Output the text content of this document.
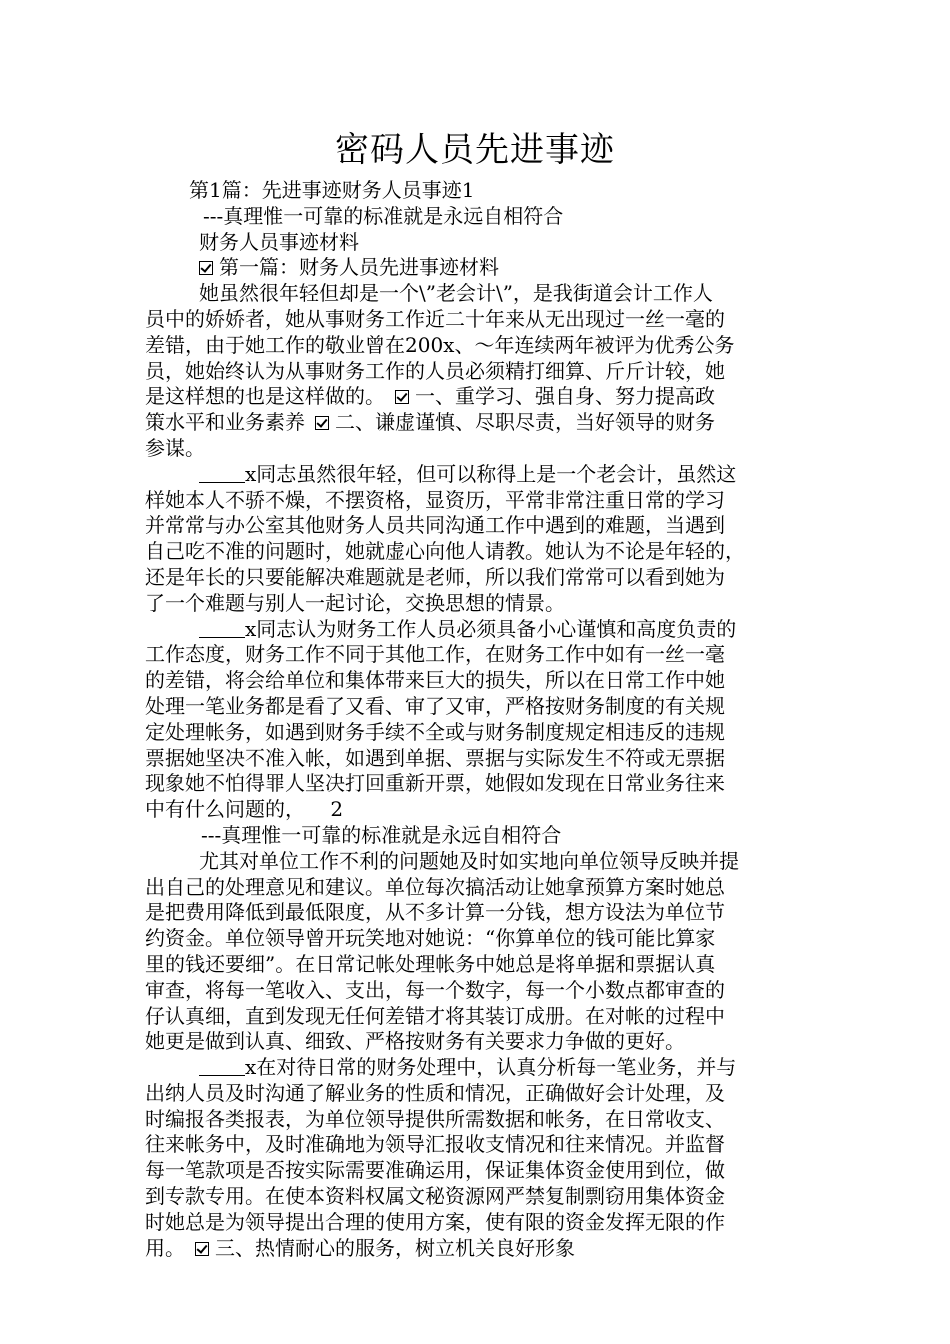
密码人员先进事迹
第1篇：先进事迹财务人员事迹1
---真理惟一可靠的标准就是永远自相符合
财务人员事迹材料
第一篇：财务人员先进事迹材料
她虽然很年轻但却是一个\”老会计\”，是我街道会计工作人
员中的娇娇者，她从事财务工作近二十年来从无出现过一丝一毫的
差错，由于她工作的敬业曾在200x、～年连续两年被评为优秀公务
员，她始终认为从事财务工作的人员必须精打细算、斤斤计较，她
是这样想的也是这样做的。 一、重学习、强自身、努力提高政
策水平和业务素养 二、谦虚谨慎、尽职尽责，当好领导的财务
参谋。
x同志虽然很年轻，但可以称得上是一个老会计，虽然这
样她本人不骄不燥，不摆资格，显资历，平常非常注重日常的学习
并常常与办公室其他财务人员共同沟通工作中遇到的难题，当遇到
自己吃不准的问题时，她就虚心向他人请教。她认为不论是年轻的，
还是年长的只要能解决难题就是老师，所以我们常常可以看到她为
了一个难题与别人一起讨论，交换思想的情景。
x同志认为财务工作人员必须具备小心谨慎和高度负责的
工作态度，财务工作不同于其他工作，在财务工作中如有一丝一毫
的差错，将会给单位和集体带来巨大的损失，所以在日常工作中她
处理一笔业务都是看了又看、审了又审，严格按财务制度的有关规
定处理帐务，如遇到财务手续不全或与财务制度规定相违反的违规
票据她坚决不准入帐，如遇到单据、票据与实际发生不符或无票据
现象她不怕得罪人坚决打回重新开票，她假如发现在日常业务往来
中有什么问题的，    2
---真理惟一可靠的标准就是永远自相符合
尤其对单位工作不利的问题她及时如实地向单位领导反映并提
出自己的处理意见和建议。单位每次搞活动让她拿预算方案时她总
是把费用降低到最低限度，从不多计算一分钱，想方设法为单位节
约资金。单位领导曾开玩笑地对她说：“你算单位的钱可能比算家
里的钱还要细”。在日常记帐处理帐务中她总是将单据和票据认真
审查，将每一笔收入、支出，每一个数字，每一个小数点都审查的
仔认真细，直到发现无任何差错才将其装订成册。在对帐的过程中
她更是做到认真、细致、严格按财务有关要求力争做的更好。
x在对待日常的财务处理中，认真分析每一笔业务，并与
出纳人员及时沟通了解业务的性质和情况，正确做好会计处理，及
时编报各类报表，为单位领导提供所需数据和帐务，在日常收支、
往来帐务中，及时准确地为领导汇报收支情况和往来情况。并监督
每一笔款项是否按实际需要准确运用，保证集体资金使用到位，做
到专款专用。在使本资料权属文秘资源网严禁复制剽窃用集体资金
时她总是为领导提出合理的使用方案，使有限的资金发挥无限的作
用。 三、热情耐心的服务，树立机关良好形象
